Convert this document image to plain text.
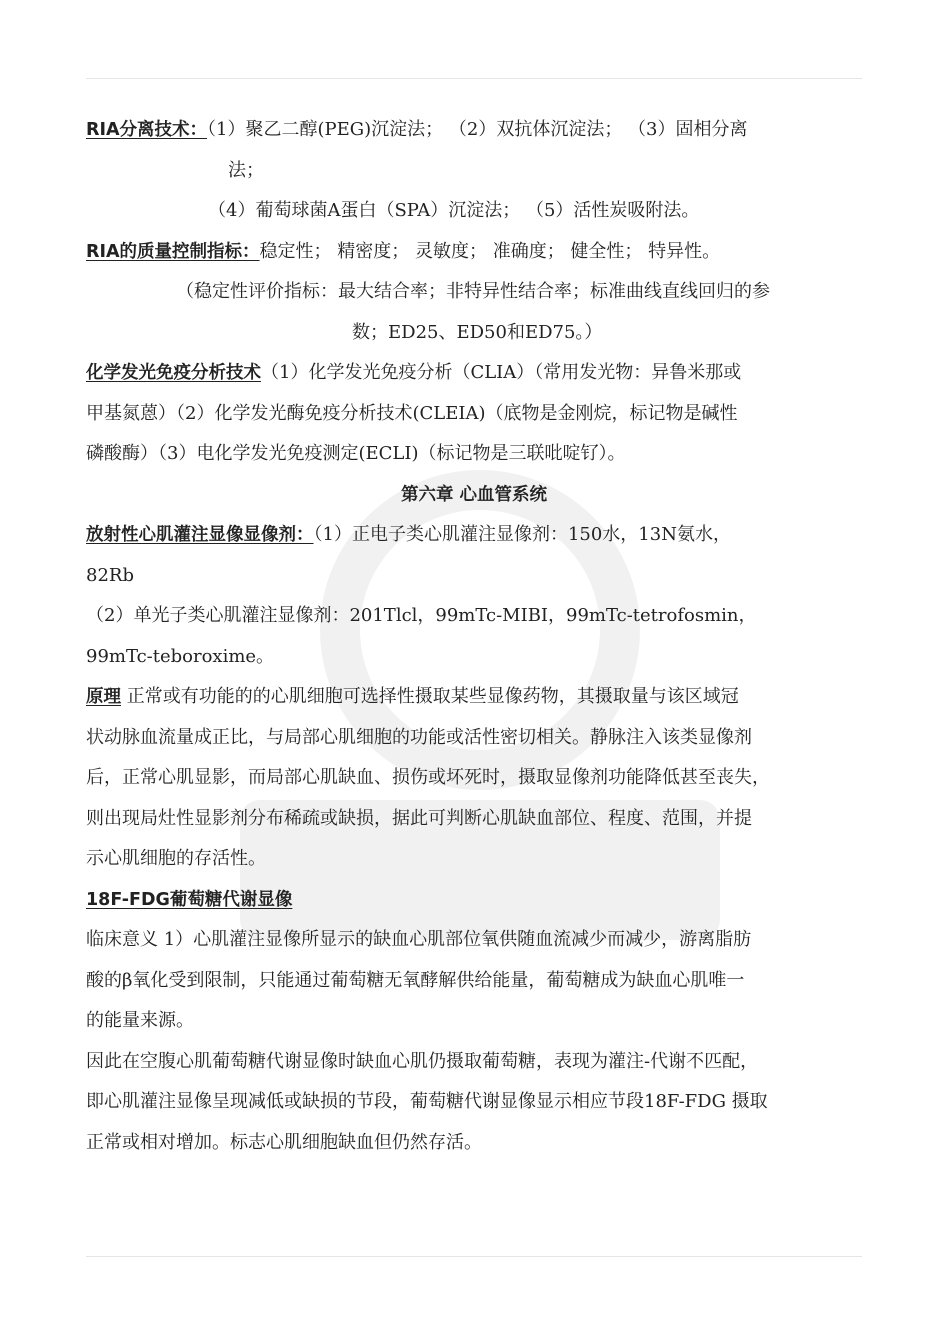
RIA分离技术：（1）聚乙二醇(PEG)沉淀法； （2）双抗体沉淀法； （3）固相分离
法；
（4）葡萄球菌A蛋白（SPA）沉淀法； （5）活性炭吸附法。
RIA的质量控制指标：稳定性； 精密度； 灵敏度； 准确度； 健全性； 特异性。
（稳定性评价指标：最大结合率；非特异性结合率；标准曲线直线回归的参
数；ED25、ED50和ED75。）
化学发光免疫分析技术（1）化学发光免疫分析（CLIA）（常用发光物：异鲁米那或
甲基氮蒽）（2）化学发光酶免疫分析技术(CLEIA)（底物是金刚烷，标记物是碱性
磷酸酶）（3）电化学发光免疫测定(ECLI)（标记物是三联吡啶钌）。
第六章 心血管系统
放射性心肌灌注显像显像剂：（1）正电子类心肌灌注显像剂：150水，13N氨水，
82Rb
（2）单光子类心肌灌注显像剂：201Tlcl，99mTc-MIBI，99mTc-tetrofosmin，
99mTc-teboroxime。
原理 正常或有功能的的心肌细胞可选择性摄取某些显像药物，其摄取量与该区域冠
状动脉血流量成正比，与局部心肌细胞的功能或活性密切相关。静脉注入该类显像剂
后，正常心肌显影，而局部心肌缺血、损伤或坏死时，摄取显像剂功能降低甚至丧失，
则出现局灶性显影剂分布稀疏或缺损，据此可判断心肌缺血部位、程度、范围，并提
示心肌细胞的存活性。
18F-FDG葡萄糖代谢显像
临床意义 1）心肌灌注显像所显示的缺血心肌部位氧供随血流减少而减少，游离脂肪
酸的β氧化受到限制，只能通过葡萄糖无氧酵解供给能量，葡萄糖成为缺血心肌唯一
的能量来源。
因此在空腹心肌葡萄糖代谢显像时缺血心肌仍摄取葡萄糖，表现为灌注-代谢不匹配，
即心肌灌注显像呈现减低或缺损的节段，葡萄糖代谢显像显示相应节段18F-FDG 摄取
正常或相对增加。标志心肌细胞缺血但仍然存活。
